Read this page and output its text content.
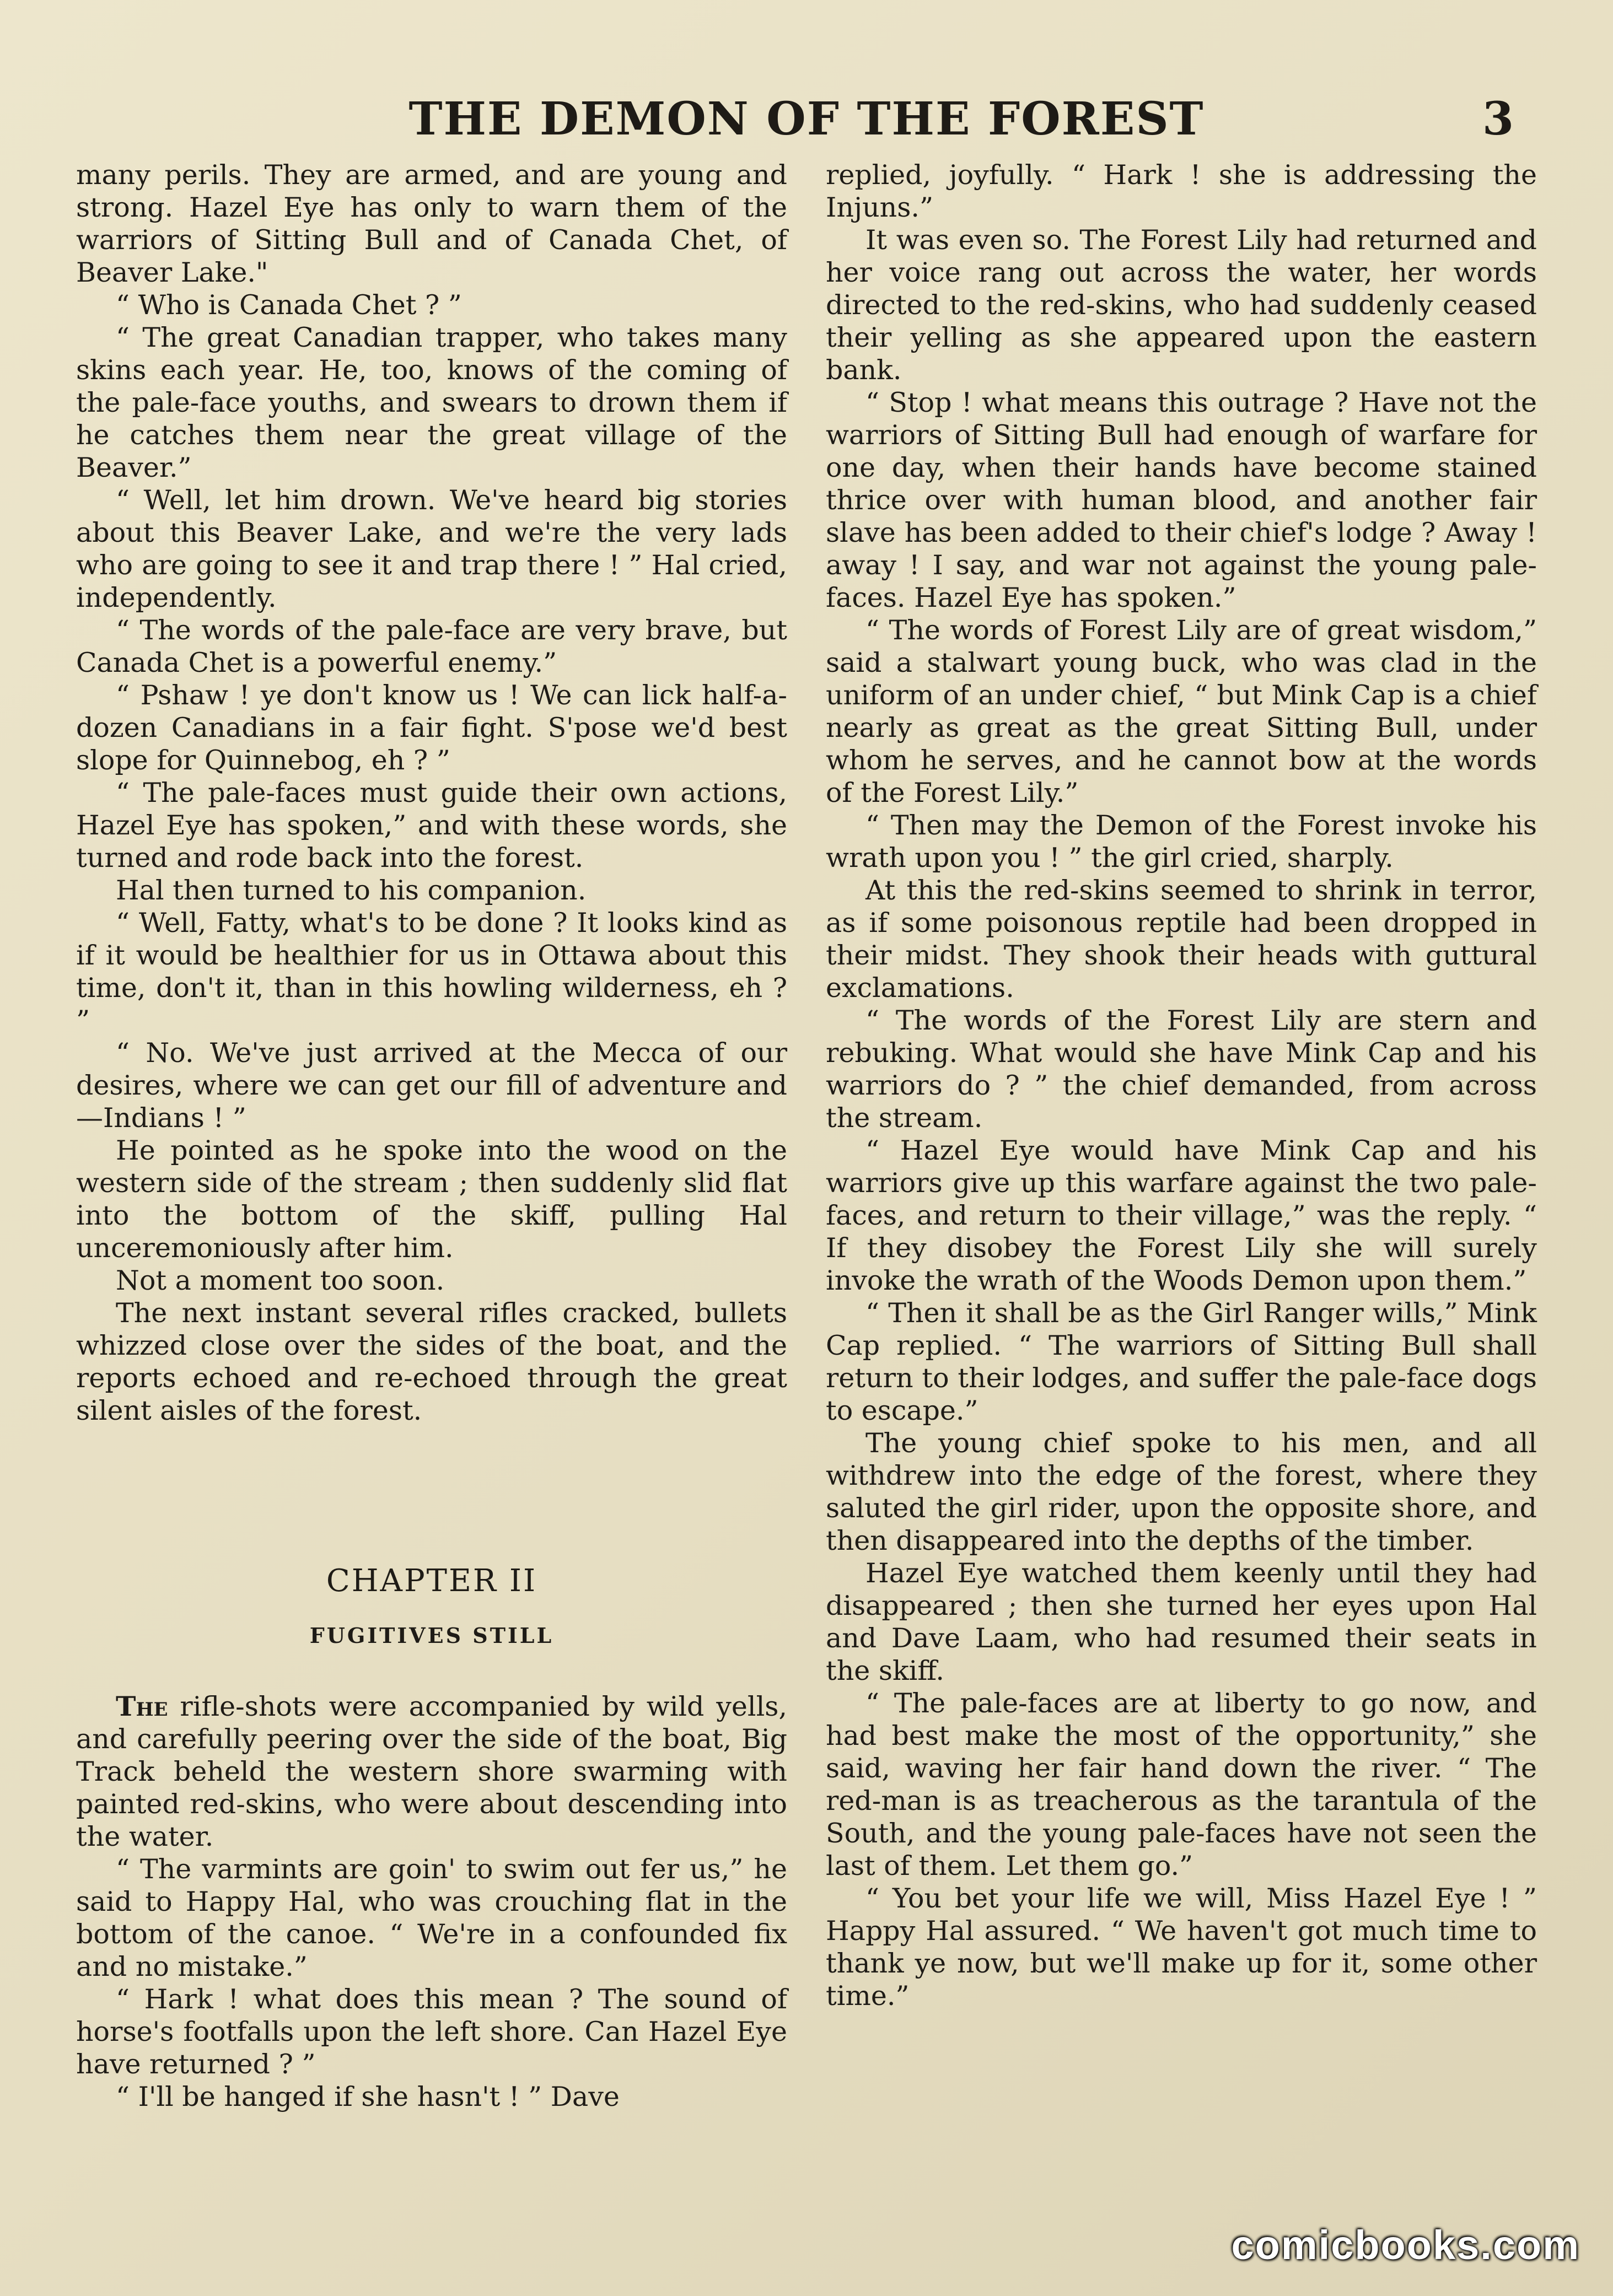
THE DEMON OF THE FOREST	3

many perils. They are armed, and are young and strong. Hazel Eye has only to warn them of the warriors of Sitting Bull and of Canada Chet, of Beaver Lake."

“ Who is Canada Chet ? ”

“ The great Canadian trapper, who takes many skins each year. He, too, knows of the coming of the pale-face youths, and swears to drown them if he catches them near the great village of the Beaver.”

“ Well, let him drown. We've heard big stories about this Beaver Lake, and we're the very lads who are going to see it and trap there ! ” Hal cried, independently.

“ The words of the pale-face are very brave, but Canada Chet is a powerful enemy.”

“ Pshaw ! ye don't know us ! We can lick half-a-dozen Canadians in a fair fight. S'pose we'd best slope for Quinnebog, eh ? ”

“ The pale-faces must guide their own actions, Hazel Eye has spoken,” and with these words, she turned and rode back into the forest.

Hal then turned to his companion.

“ Well, Fatty, what's to be done ? It looks kind as if it would be healthier for us in Ottawa about this time, don't it, than in this howling wilderness, eh ? ”

“ No. We've just arrived at the Mecca of our desires, where we can get our fill of adventure and—Indians ! ”

He pointed as he spoke into the wood on the western side of the stream ; then suddenly slid flat into the bottom of the skiff, pulling Hal unceremoniously after him.

Not a moment too soon.

The next instant several rifles cracked, bullets whizzed close over the sides of the boat, and the reports echoed and re-echoed through the great silent aisles of the forest.

CHAPTER II
FUGITIVES STILL

The rifle-shots were accompanied by wild yells, and carefully peering over the side of the boat, Big Track beheld the western shore swarming with painted red-skins, who were about descending into the water.

“ The varmints are goin' to swim out fer us,” he said to Happy Hal, who was crouching flat in the bottom of the canoe. “ We're in a confounded fix and no mistake.”

“ Hark ! what does this mean ? The sound of horse's footfalls upon the left shore. Can Hazel Eye have returned ? ”

“ I'll be hanged if she hasn't ! ” Dave

replied, joyfully. “ Hark ! she is addressing the Injuns.”

It was even so. The Forest Lily had returned and her voice rang out across the water, her words directed to the red-skins, who had suddenly ceased their yelling as she appeared upon the eastern bank.

“ Stop ! what means this outrage ? Have not the warriors of Sitting Bull had enough of warfare for one day, when their hands have become stained thrice over with human blood, and another fair slave has been added to their chief's lodge ? Away ! away ! I say, and war not against the young pale-faces. Hazel Eye has spoken.”

“ The words of Forest Lily are of great wisdom,” said a stalwart young buck, who was clad in the uniform of an under chief, “ but Mink Cap is a chief nearly as great as the great Sitting Bull, under whom he serves, and he cannot bow at the words of the Forest Lily.”

“ Then may the Demon of the Forest invoke his wrath upon you ! ” the girl cried, sharply.

At this the red-skins seemed to shrink in terror, as if some poisonous reptile had been dropped in their midst. They shook their heads with guttural exclamations.

“ The words of the Forest Lily are stern and rebuking. What would she have Mink Cap and his warriors do ? ” the chief demanded, from across the stream.

“ Hazel Eye would have Mink Cap and his warriors give up this warfare against the two pale-faces, and return to their village,” was the reply. “ If they disobey the Forest Lily she will surely invoke the wrath of the Woods Demon upon them.”

“ Then it shall be as the Girl Ranger wills,” Mink Cap replied. “ The warriors of Sitting Bull shall return to their lodges, and suffer the pale-face dogs to escape.”

The young chief spoke to his men, and all withdrew into the edge of the forest, where they saluted the girl rider, upon the opposite shore, and then disappeared into the depths of the timber.

Hazel Eye watched them keenly until they had disappeared ; then she turned her eyes upon Hal and Dave Laam, who had resumed their seats in the skiff.

“ The pale-faces are at liberty to go now, and had best make the most of the opportunity,” she said, waving her fair hand down the river. “ The red-man is as treacherous as the tarantula of the South, and the young pale-faces have not seen the last of them. Let them go.”

“ You bet your life we will, Miss Hazel Eye ! ” Happy Hal assured. “ We haven't got much time to thank ye now, but we'll make up for it, some other time.”

comicbooks.com
